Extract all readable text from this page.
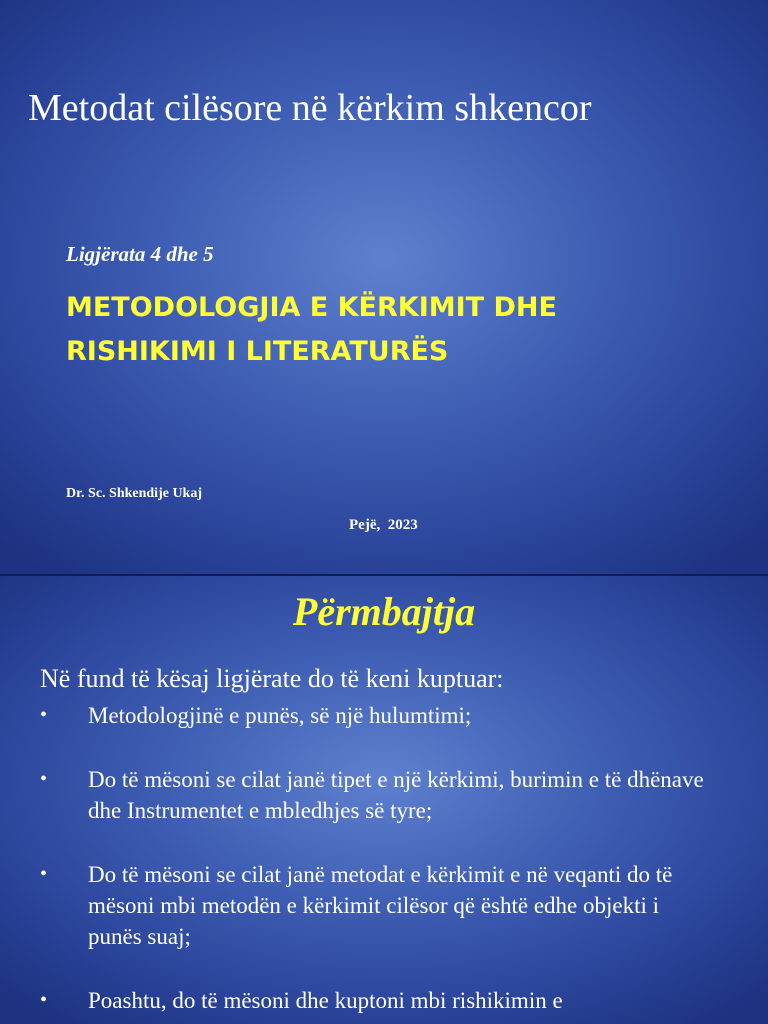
Metodat cilësore në kërkim shkencor
Ligjërata 4 dhe 5
METODOLOGJIA E KËRKIMIT DHE
RISHIKIMI I LITERATURËS
Dr. Sc. Shkendije Ukaj
Pejë,  2023
Përmbajtja
Në fund të kësaj ligjërate do të keni kuptuar:
• Metodologjinë e punës, së një hulumtimi;
• Do të mësoni se cilat janë tipet e një kërkimi, burimin e të dhënave dhe Instrumentet e mbledhjes së tyre;
• Do të mësoni se cilat janë metodat e kërkimit e në veqanti do të mësoni mbi metodën e kërkimit cilësor që është edhe objekti i punës suaj;
• Poashtu, do të mësoni dhe kuptoni mbi rishikimin e
